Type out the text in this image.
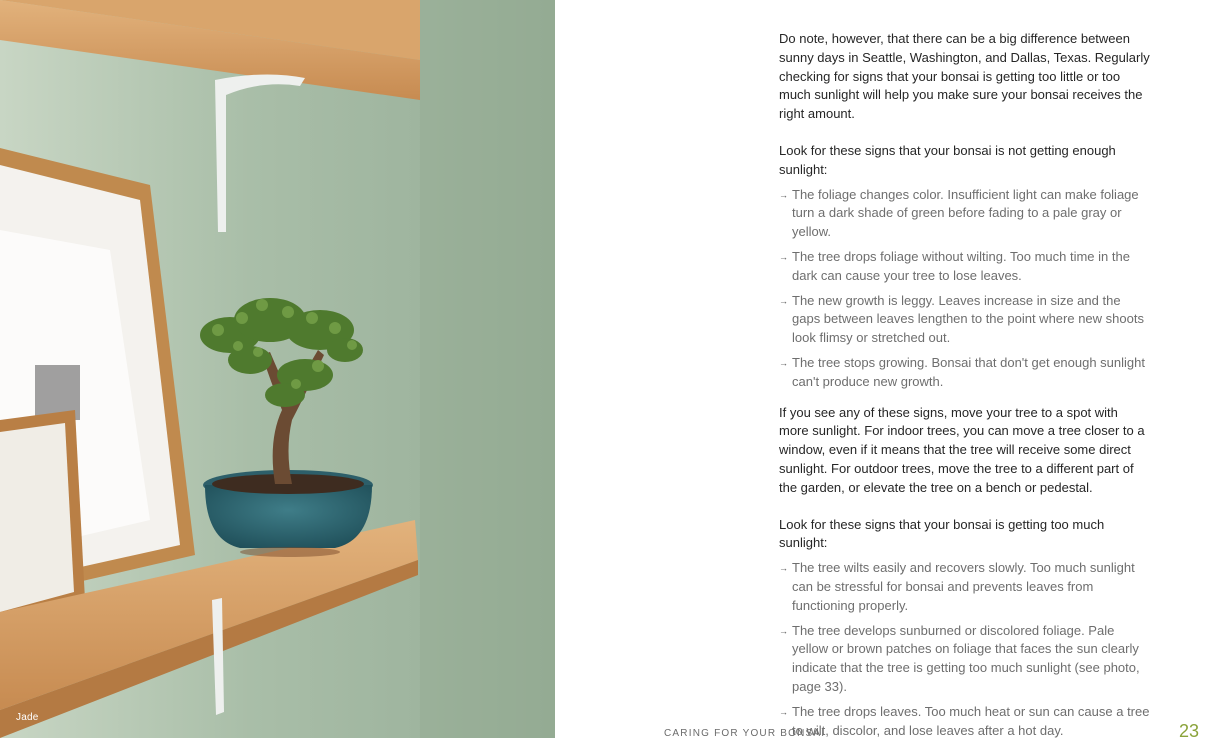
Jade

Do note, however, that there can be a big difference between sunny days in Seattle, Washington, and Dallas, Texas. Regularly checking for signs that your bonsai is getting too little or too much sunlight will help you make sure your bonsai receives the right amount.

Look for these signs that your bonsai is not getting enough sunlight:

→ The foliage changes color. Insufficient light can make foliage turn a dark shade of green before fading to a pale gray or yellow.
→ The tree drops foliage without wilting. Too much time in the dark can cause your tree to lose leaves.
→ The new growth is leggy. Leaves increase in size and the gaps between leaves lengthen to the point where new shoots look flimsy or stretched out.
→ The tree stops growing. Bonsai that don't get enough sunlight can't produce new growth.

If you see any of these signs, move your tree to a spot with more sunlight. For indoor trees, you can move a tree closer to a window, even if it means that the tree will receive some direct sunlight. For outdoor trees, move the tree to a different part of the garden, or elevate the tree on a bench or pedestal.

Look for these signs that your bonsai is getting too much sunlight:

→ The tree wilts easily and recovers slowly. Too much sunlight can be stressful for bonsai and prevents leaves from functioning properly.
→ The tree develops sunburned or discolored foliage. Pale yellow or brown patches on foliage that faces the sun clearly indicate that the tree is getting too much sunlight (see photo, page 33).
→ The tree drops leaves. Too much heat or sun can cause a tree to wilt, discolor, and lose leaves after a hot day.
CARING FOR YOUR BONSAI	23
